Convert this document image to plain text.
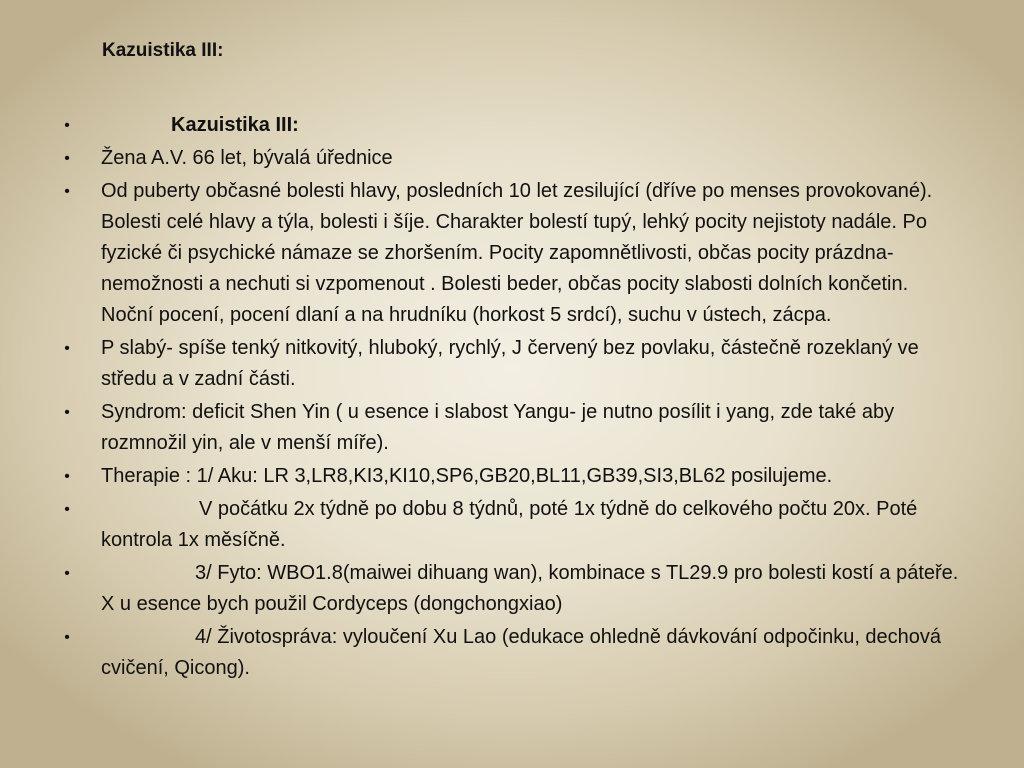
Kazuistika III:
•	Kazuistika III:
• Žena A.V. 66 let, bývalá úřednice
• Od puberty občasné bolesti hlavy, posledních 10 let zesilující (dříve po menses provokované). Bolesti celé hlavy a týla, bolesti i šíje. Charakter bolestí tupý, lehký pocity nejistoty nadále. Po fyzické či psychické námaze se zhoršením. Pocity zapomnětlivosti, občas pocity prázdna- nemožnosti a nechuti si vzpomenout . Bolesti beder, občas pocity slabosti dolních končetin. Noční pocení, pocení dlaní a na hrudníku (horkost 5 srdcí), suchu v ústech, zácpa.
• P slabý- spíše tenký nitkovitý, hluboký, rychlý, J červený bez povlaku, částečně rozeklaný ve středu a v zadní části.
• Syndrom: deficit Shen Yin ( u esence i slabost Yangu- je nutno posílit i yang, zde také aby rozmnožil yin, ale v menší míře).
• Therapie : 1/ Aku: LR 3,LR8,KI3,KI10,SP6,GB20,BL11,GB39,SI3,BL62 posilujeme.
•	V počátku 2x týdně po dobu 8 týdnů, poté 1x týdně do celkového počtu 20x. Poté kontrola 1x měsíčně.
•	3/ Fyto: WBO1.8(maiwei dihuang wan), kombinace s TL29.9 pro bolesti kostí a páteře. X u esence bych použil Cordyceps (dongchongxiao)
•	4/ Životospráva: vyloučení Xu Lao (edukace ohledně dávkování odpočinku, dechová cvičení, Qicong).
